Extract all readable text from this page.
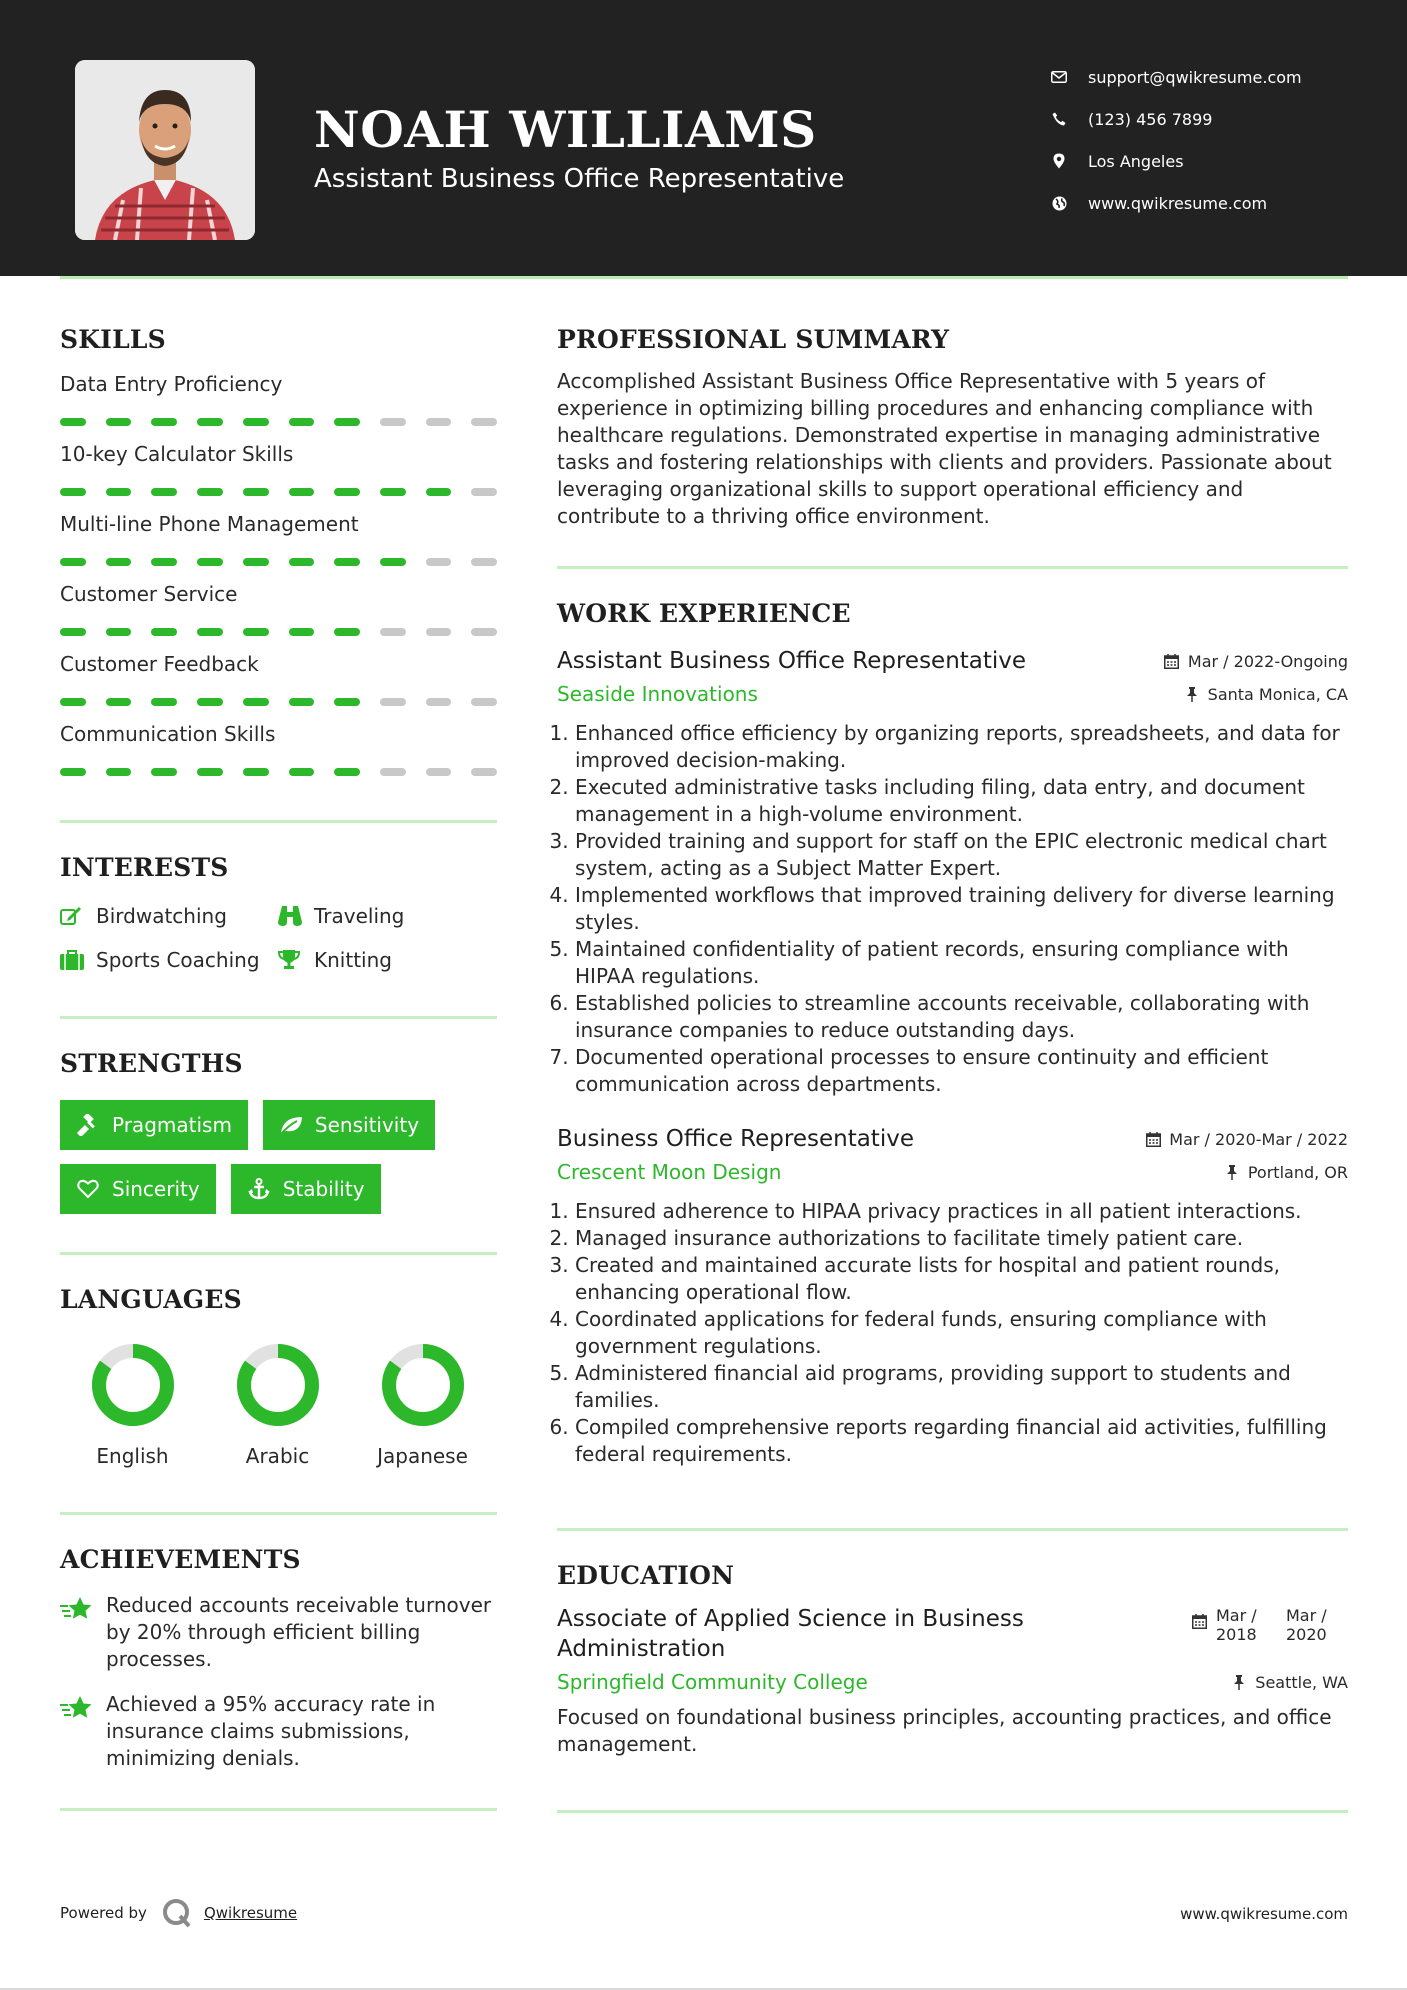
NOAH WILLIAMS
Assistant Business Office Representative
support@qwikresume.com
(123) 456 7899
Los Angeles
www.qwikresume.com
SKILLS
Data Entry Proficiency
10-key Calculator Skills
Multi-line Phone Management
Customer Service
Customer Feedback
Communication Skills
INTERESTS
Birdwatching	Traveling
Sports Coaching	Knitting
STRENGTHS
Pragmatism	Sensitivity
Sincerity	Stability
LANGUAGES
English	Arabic	Japanese
ACHIEVEMENTS
Reduced accounts receivable turnover by 20% through efficient billing processes.
Achieved a 95% accuracy rate in insurance claims submissions, minimizing denials.
PROFESSIONAL SUMMARY

Accomplished Assistant Business Office Representative with 5 years of experience in optimizing billing procedures and enhancing compliance with healthcare regulations. Demonstrated expertise in managing administrative tasks and fostering relationships with clients and providers. Passionate about leveraging organizational skills to support operational efficiency and contribute to a thriving office environment.

WORK EXPERIENCE
Assistant Business Office Representative	Mar / 2022-Ongoing
Seaside Innovations	Santa Monica, CA
1. Enhanced office efficiency by organizing reports, spreadsheets, and data for improved decision-making.
2. Executed administrative tasks including filing, data entry, and document management in a high-volume environment.
3. Provided training and support for staff on the EPIC electronic medical chart system, acting as a Subject Matter Expert.
4. Implemented workflows that improved training delivery for diverse learning styles.
5. Maintained confidentiality of patient records, ensuring compliance with HIPAA regulations.
6. Established policies to streamline accounts receivable, collaborating with insurance companies to reduce outstanding days.
7. Documented operational processes to ensure continuity and efficient communication across departments.
Business Office Representative	Mar / 2020-Mar / 2022
Crescent Moon Design	Portland, OR
1. Ensured adherence to HIPAA privacy practices in all patient interactions.
2. Managed insurance authorizations to facilitate timely patient care.
3. Created and maintained accurate lists for hospital and patient rounds, enhancing operational flow.
4. Coordinated applications for federal funds, ensuring compliance with government regulations.
5. Administered financial aid programs, providing support to students and families.
6. Compiled comprehensive reports regarding financial aid activities, fulfilling federal requirements.
EDUCATION
Associate of Applied Science in Business Administration
Mar / 2018
Mar / 2020
Springfield Community College	Seattle, WA

Focused on foundational business principles, accounting practices, and office management.

Powered by	Qwikresume	www.qwikresume.com
